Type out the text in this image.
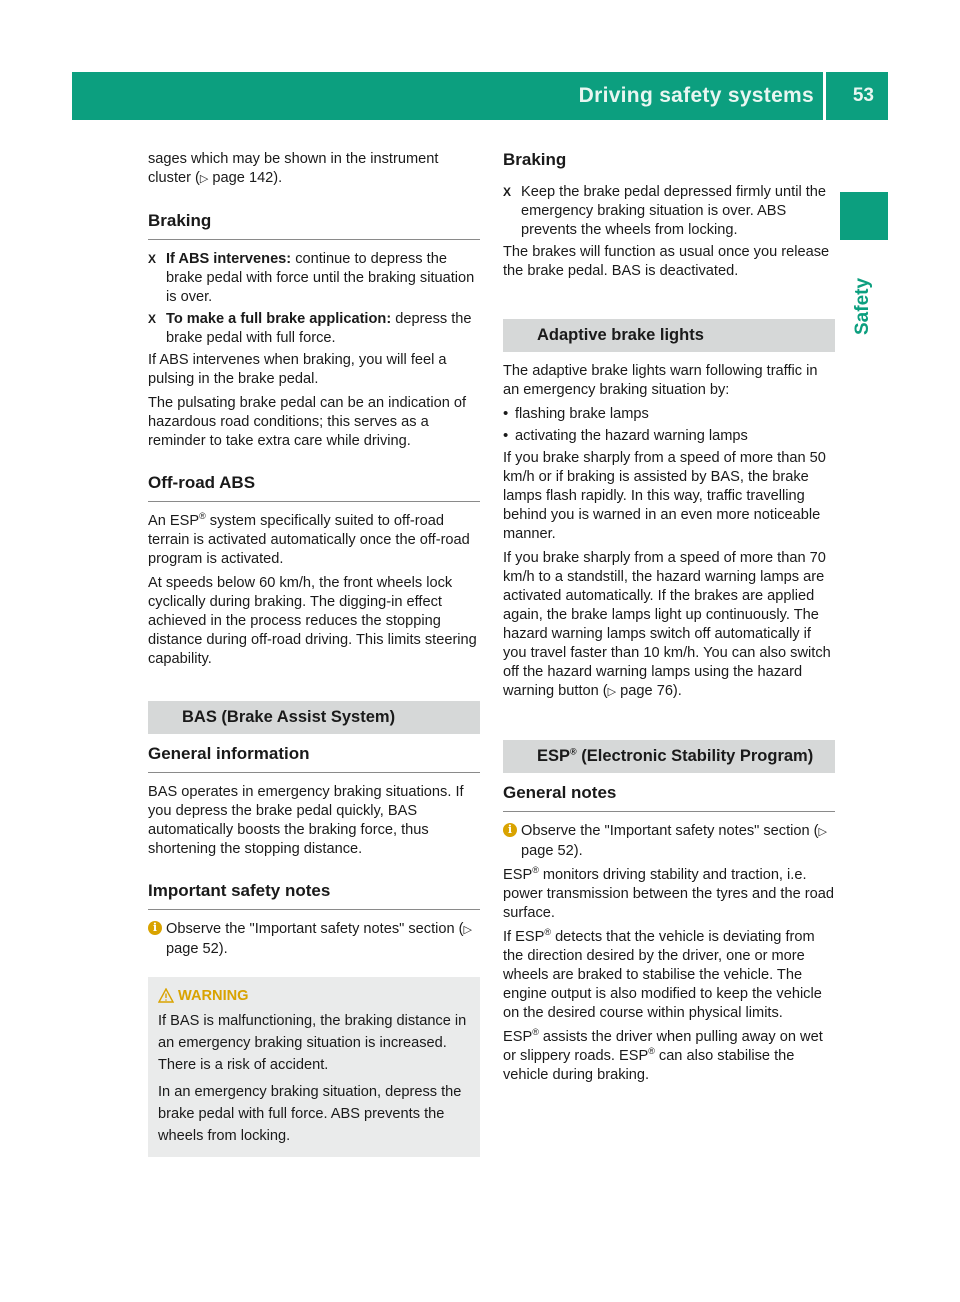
Driving safety systems 53
Safety

sages which may be shown in the instrument cluster (▷ page 142).

Braking
X If ABS intervenes: continue to depress the brake pedal with force until the braking situation is over.
X To make a full brake application: depress the brake pedal with full force.

If ABS intervenes when braking, you will feel a pulsing in the brake pedal.

The pulsating brake pedal can be an indication of hazardous road conditions; this serves as a reminder to take extra care while driving.

Off-road ABS

An ESP® system specifically suited to off-road terrain is activated automatically once the off-road program is activated.

At speeds below 60 km/h, the front wheels lock cyclically during braking. The digging-in effect achieved in the process reduces the stopping distance during off-road driving. This limits steering capability.

BAS (Brake Assist System)
General information

BAS operates in emergency braking situations. If you depress the brake pedal quickly, BAS automatically boosts the braking force, thus shortening the stopping distance.

Important safety notes
i Observe the "Important safety notes" section (▷ page 52).
WARNING

If BAS is malfunctioning, the braking distance in an emergency braking situation is increased. There is a risk of accident.

In an emergency braking situation, depress the brake pedal with full force. ABS prevents the wheels from locking.

Braking
X Keep the brake pedal depressed firmly until the emergency braking situation is over. ABS prevents the wheels from locking.

The brakes will function as usual once you release the brake pedal. BAS is deactivated.

Adaptive brake lights

The adaptive brake lights warn following traffic in an emergency braking situation by:

• flashing brake lamps
• activating the hazard warning lamps

If you brake sharply from a speed of more than 50 km/h or if braking is assisted by BAS, the brake lamps flash rapidly. In this way, traffic travelling behind you is warned in an even more noticeable manner.

If you brake sharply from a speed of more than 70 km/h to a standstill, the hazard warning lamps are activated automatically. If the brakes are applied again, the brake lamps light up continuously. The hazard warning lamps switch off automatically if you travel faster than 10 km/h. You can also switch off the hazard warning lamps using the hazard warning button (▷ page 76).

ESP® (Electronic Stability Program)
General notes
i Observe the "Important safety notes" section (▷ page 52).

ESP® monitors driving stability and traction, i.e. power transmission between the tyres and the road surface.

If ESP® detects that the vehicle is deviating from the direction desired by the driver, one or more wheels are braked to stabilise the vehicle. The engine output is also modified to keep the vehicle on the desired course within physical limits.

ESP® assists the driver when pulling away on wet or slippery roads. ESP® can also stabilise the vehicle during braking.
